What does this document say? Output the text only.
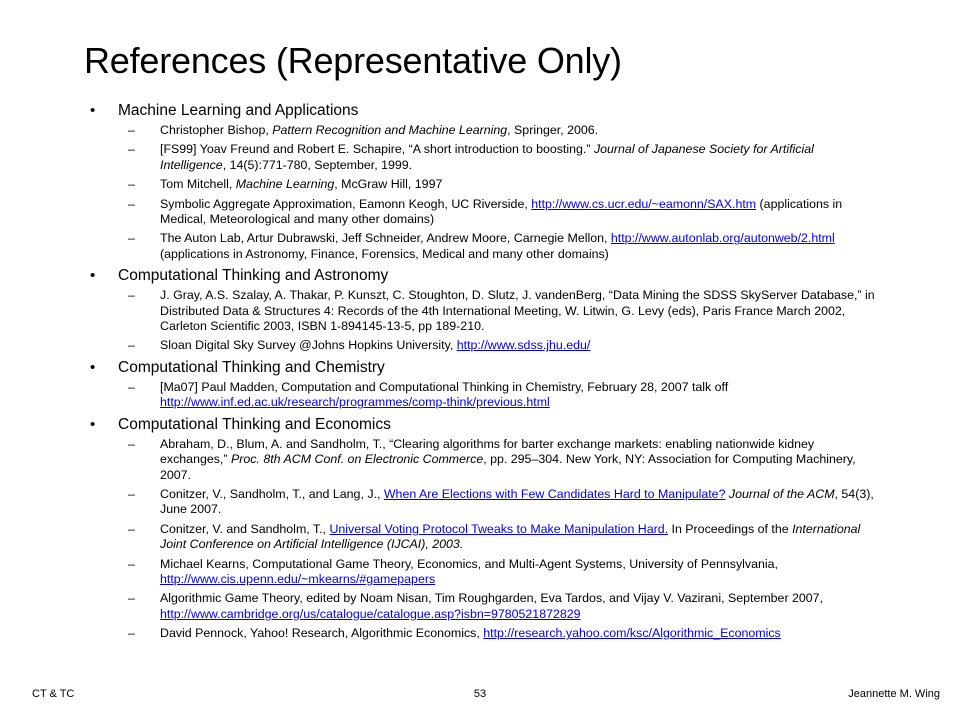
References (Representative Only)
• Machine Learning and Applications
– Christopher Bishop, Pattern Recognition and Machine Learning, Springer, 2006.
– [FS99] Yoav Freund and Robert E. Schapire, “A short introduction to boosting.” Journal of Japanese Society for Artificial Intelligence, 14(5):771-780, September, 1999.
– Tom Mitchell, Machine Learning, McGraw Hill, 1997
– Symbolic Aggregate Approximation, Eamonn Keogh, UC Riverside, http://www.cs.ucr.edu/~eamonn/SAX.htm (applications in Medical, Meteorological and many other domains)
– The Auton Lab, Artur Dubrawski, Jeff Schneider, Andrew Moore, Carnegie Mellon, http://www.autonlab.org/autonweb/2.html (applications in Astronomy, Finance, Forensics, Medical and many other domains)
• Computational Thinking and Astronomy
– J. Gray, A.S. Szalay, A. Thakar, P. Kunszt, C. Stoughton, D. Slutz, J. vandenBerg, “Data Mining the SDSS SkyServer Database,” in Distributed Data & Structures 4: Records of the 4th International Meeting, W. Litwin, G. Levy (eds), Paris France March 2002, Carleton Scientific 2003, ISBN 1-894145-13-5, pp 189-210.
– Sloan Digital Sky Survey @Johns Hopkins University, http://www.sdss.jhu.edu/
• Computational Thinking and Chemistry
– [Ma07] Paul Madden, Computation and Computational Thinking in Chemistry, February 28, 2007 talk off http://www.inf.ed.ac.uk/research/programmes/comp-think/previous.html
• Computational Thinking and Economics
– Abraham, D., Blum, A. and Sandholm, T., “Clearing algorithms for barter exchange markets: enabling nationwide kidney exchanges,” Proc. 8th ACM Conf. on Electronic Commerce, pp. 295–304. New York, NY: Association for Computing Machinery, 2007.
– Conitzer, V., Sandholm, T., and Lang, J., When Are Elections with Few Candidates Hard to Manipulate? Journal of the ACM, 54(3), June 2007.
– Conitzer, V. and Sandholm, T., Universal Voting Protocol Tweaks to Make Manipulation Hard. In Proceedings of the International Joint Conference on Artificial Intelligence (IJCAI), 2003.
– Michael Kearns, Computational Game Theory, Economics, and Multi-Agent Systems, University of Pennsylvania, http://www.cis.upenn.edu/~mkearns/#gamepapers
– Algorithmic Game Theory, edited by Noam Nisan, Tim Roughgarden, Eva Tardos, and Vijay V. Vazirani, September 2007, http://www.cambridge.org/us/catalogue/catalogue.asp?isbn=9780521872829
– David Pennock, Yahoo! Research, Algorithmic Economics, http://research.yahoo.com/ksc/Algorithmic_Economics
CT & TC	53	Jeannette M. Wing
